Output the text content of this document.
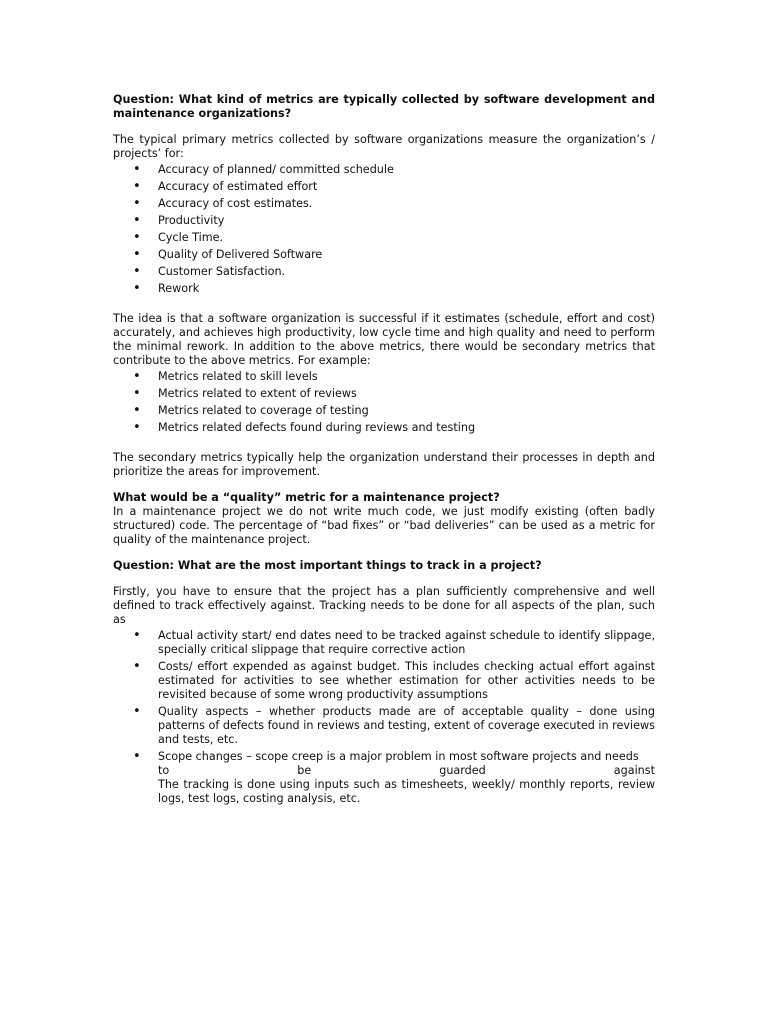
Question: What kind of metrics are typically collected by software development and maintenance organizations?

The typical primary metrics collected by software organizations measure the organization’s / projects’ for:

• Accuracy of planned/ committed schedule
• Accuracy of estimated effort
• Accuracy of cost estimates.
• Productivity
• Cycle Time.
• Quality of Delivered Software
• Customer Satisfaction.
• Rework

The idea is that a software organization is successful if it estimates (schedule, effort and cost) accurately, and achieves high productivity, low cycle time and high quality and need to perform the minimal rework. In addition to the above metrics, there would be secondary metrics that contribute to the above metrics. For example:

• Metrics related to skill levels
• Metrics related to extent of reviews
• Metrics related to coverage of testing
• Metrics related defects found during reviews and testing

The secondary metrics typically help the organization understand their processes in depth and prioritize the areas for improvement.

What would be a “quality” metric for a maintenance project?

In a maintenance project we do not write much code, we just modify existing (often badly structured) code. The percentage of “bad fixes” or “bad deliveries” can be used as a metric for quality of the maintenance project.

Question: What are the most important things to track in a project?

Firstly, you have to ensure that the project has a plan sufficiently comprehensive and well defined to track effectively against. Tracking needs to be done for all aspects of the plan, such as

• Actual activity start/ end dates need to be tracked against schedule to identify slippage, specially critical slippage that require corrective action
• Costs/ effort expended as against budget. This includes checking actual effort against estimated for activities to see whether estimation for other activities needs to be revisited because of some wrong productivity assumptions
• Quality aspects – whether products made are of acceptable quality – done using patterns of defects found in reviews and testing, extent of coverage executed in reviews and tests, etc.
• Scope changes – scope creep is a major problem in most software projects and needs
to	be	guarded	against
The tracking is done using inputs such as timesheets, weekly/ monthly reports, review logs, test logs, costing analysis, etc.
